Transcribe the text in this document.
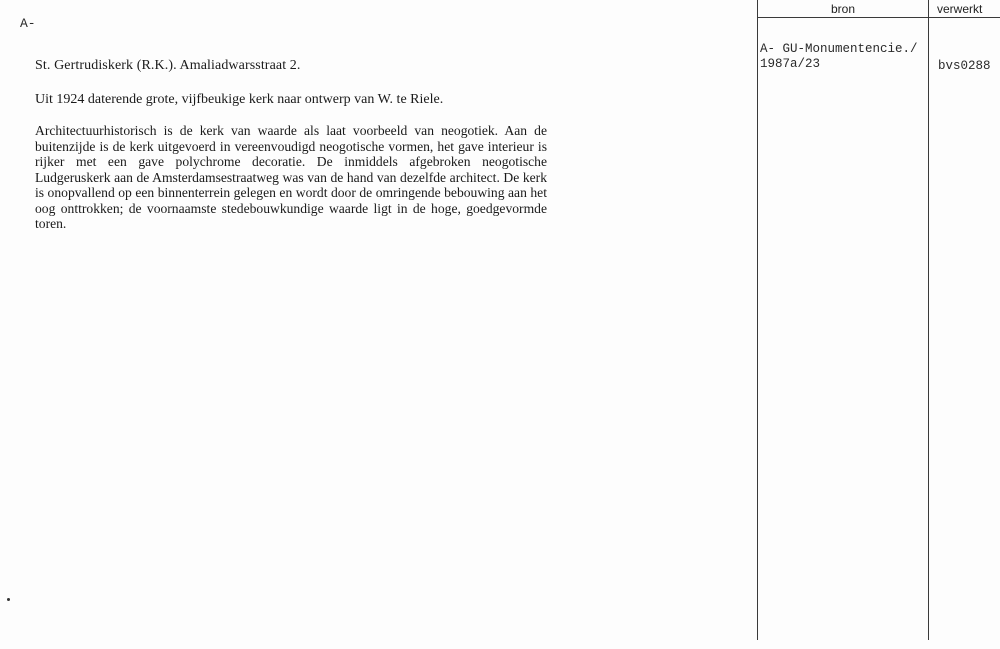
A-
St. Gertrudiskerk (R.K.). Amaliadwarsstraat 2.
Uit 1924 daterende grote, vijfbeukige kerk naar ontwerp van W. te Riele.

Architectuurhistorisch is de kerk van waarde als laat voorbeeld van neogotiek. Aan de buitenzijde is de kerk uitgevoerd in vereenvoudigd neogotische vormen, het gave interieur is rijker met een gave polychrome decoratie. De inmiddels afgebroken neogotische Ludgeruskerk aan de Amsterdamsestraatweg was van de hand van dezelfde architect. De kerk is onopvallend op een binnenterrein gelegen en wordt door de omringende bebouwing aan het oog onttrokken; de voornaamste stedebouwkundige waarde ligt in de hoge, goedgevormde toren.

bron	verwerkt
A- GU-Monumentencie./
1987a/23	bvs0288
